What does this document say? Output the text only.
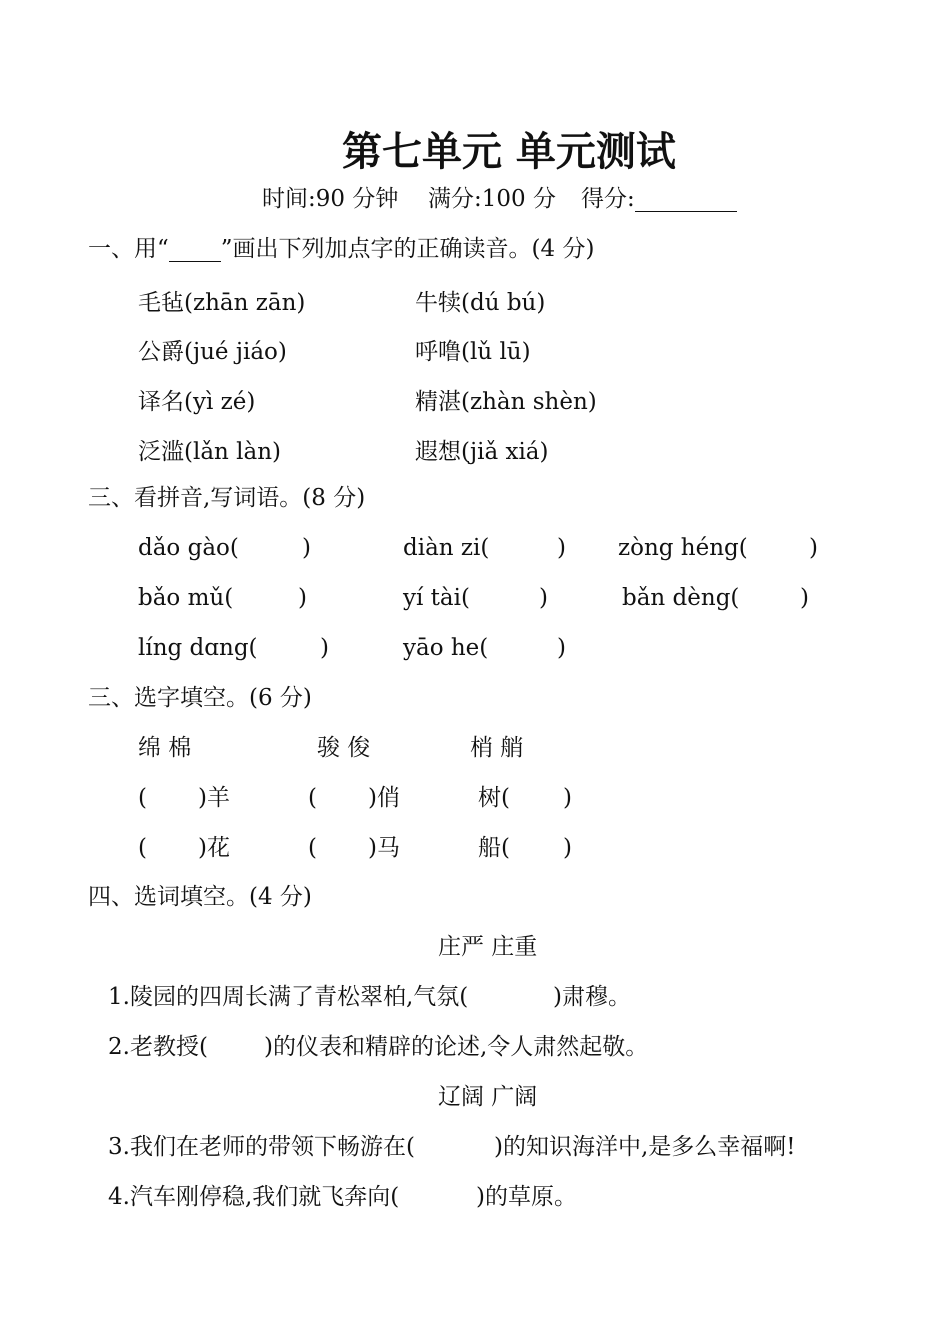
第七单元 单元测试
时间:90 分钟 满分:100 分 得分:
一、用“ ”画出下列加点字的正确读音。(4 分)
毛毡(zhān zān)	牛犊(dú bú)
公爵(jué jiáo)	呼噜(lǔ lū)
译名(yì zé)	精湛(zhàn shèn)
泛滥(lǎn làn)	遐想(jiǎ xiá)
三、看拼音,写词语。(8 分)
dǎo gào(	)	diàn zi(	) zòng héng(	)
bǎo mǔ(	)	yí tài(	)	bǎn dèng(	)
líng dɑng(	)	yāo he(	)
三、选字填空。(6 分)
绵 棉	骏 俊	梢 艄
( )羊	( )俏	树( )
( )花	( )马	船( )
四、选词填空。(4 分)
庄严 庄重
1.陵园的四周长满了青松翠柏,气氛(	)肃穆。
2.老教授( )的仪表和精辟的论述,令人肃然起敬。
辽阔 广阔
3.我们在老师的带领下畅游在(	)的知识海洋中,是多么幸福啊!
4.汽车刚停稳,我们就飞奔向(	)的草原。
